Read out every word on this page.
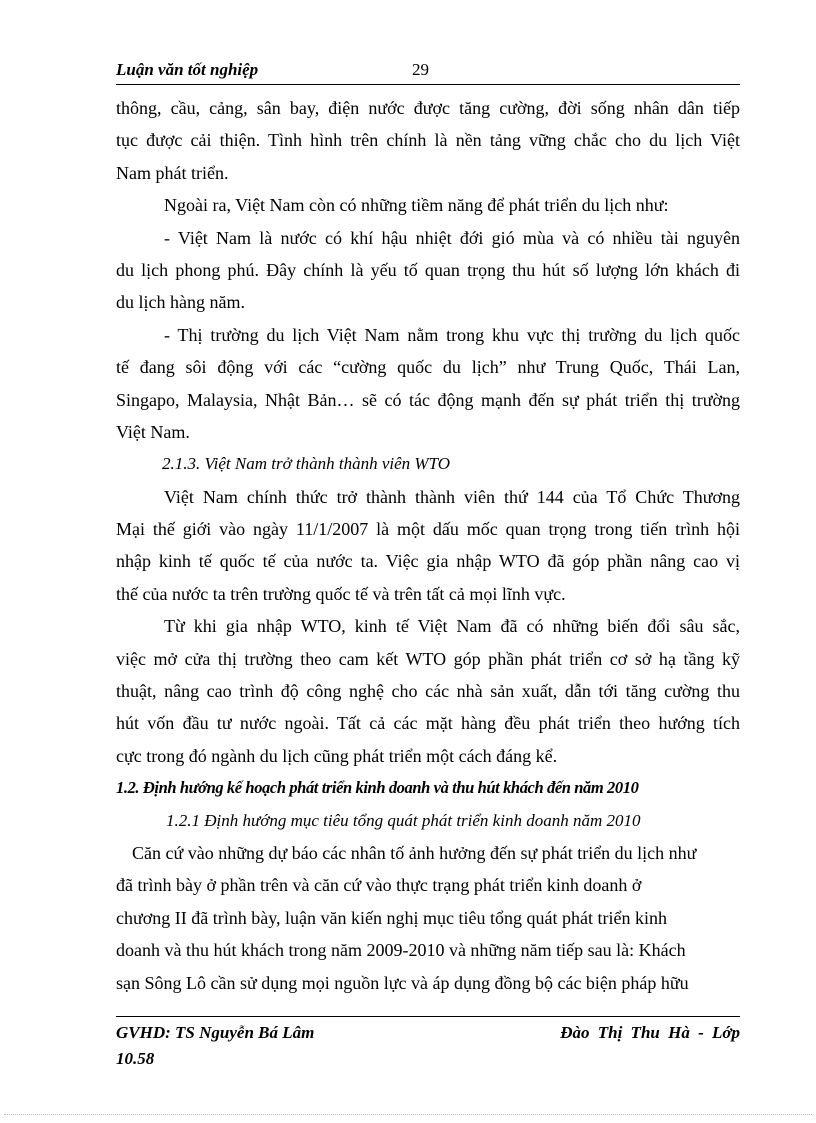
Luận văn tốt nghiệp	29
thông, cầu, cảng, sân bay, điện nước được tăng cường, đời sống nhân dân tiếp
tục được cải thiện. Tình hình trên chính là nền tảng vững chắc cho du lịch Việt
Nam phát triển.
Ngoài ra, Việt Nam còn có những tiềm năng để phát triển du lịch như:
- Việt Nam là nước có khí hậu nhiệt đới gió mùa và có nhiều tài nguyên
du lịch phong phú. Đây chính là yếu tố quan trọng thu hút số lượng lớn khách đi
du lịch hàng năm.
- Thị trường du lịch Việt Nam nằm trong khu vực thị trường du lịch quốc
tế đang sôi động với các “cường quốc du lịch” như Trung Quốc, Thái Lan,
Singapo, Malaysia, Nhật Bản… sẽ có tác động mạnh đến sự phát triển thị trường
Việt Nam.
2.1.3. Việt Nam trở thành thành viên WTO
Việt Nam chính thức trở thành thành viên thứ 144 của Tổ Chức Thương
Mại thế giới vào ngày 11/1/2007 là một dấu mốc quan trọng trong tiến trình hội
nhập kinh tế quốc tế của nước ta. Việc gia nhập WTO đã góp phần nâng cao vị
thế của nước ta trên trường quốc tế và trên tất cả mọi lĩnh vực.
Từ khi gia nhập WTO, kinh tế Việt Nam đã có những biến đổi sâu sắc,
việc mở cửa thị trường theo cam kết WTO góp phần phát triển cơ sở hạ tầng kỹ
thuật, nâng cao trình độ công nghệ cho các nhà sản xuất, dẫn tới tăng cường thu
hút vốn đầu tư nước ngoài. Tất cả các mặt hàng đều phát triển theo hướng tích
cực trong đó ngành du lịch cũng phát triển một cách đáng kể.
1.2. Định hướng kế hoạch phát triển kinh doanh và thu hút khách đến năm 2010
1.2.1 Định hướng mục tiêu tổng quát phát triển kinh doanh năm 2010
Căn cứ vào những dự báo các nhân tố ảnh hưởng đến sự phát triển du lịch như
đã trình bày ở phần trên và căn cứ vào thực trạng phát triển kinh doanh ở
chương II đã trình bày, luận văn kiến nghị mục tiêu tổng quát phát triển kinh
doanh và thu hút khách trong năm 2009-2010 và những năm tiếp sau là: Khách
sạn Sông Lô cần sử dụng mọi nguồn lực và áp dụng đồng bộ các biện pháp hữu
GVHD: TS Nguyễn Bá Lâm	Đào Thị Thu Hà - Lớp
10.58
